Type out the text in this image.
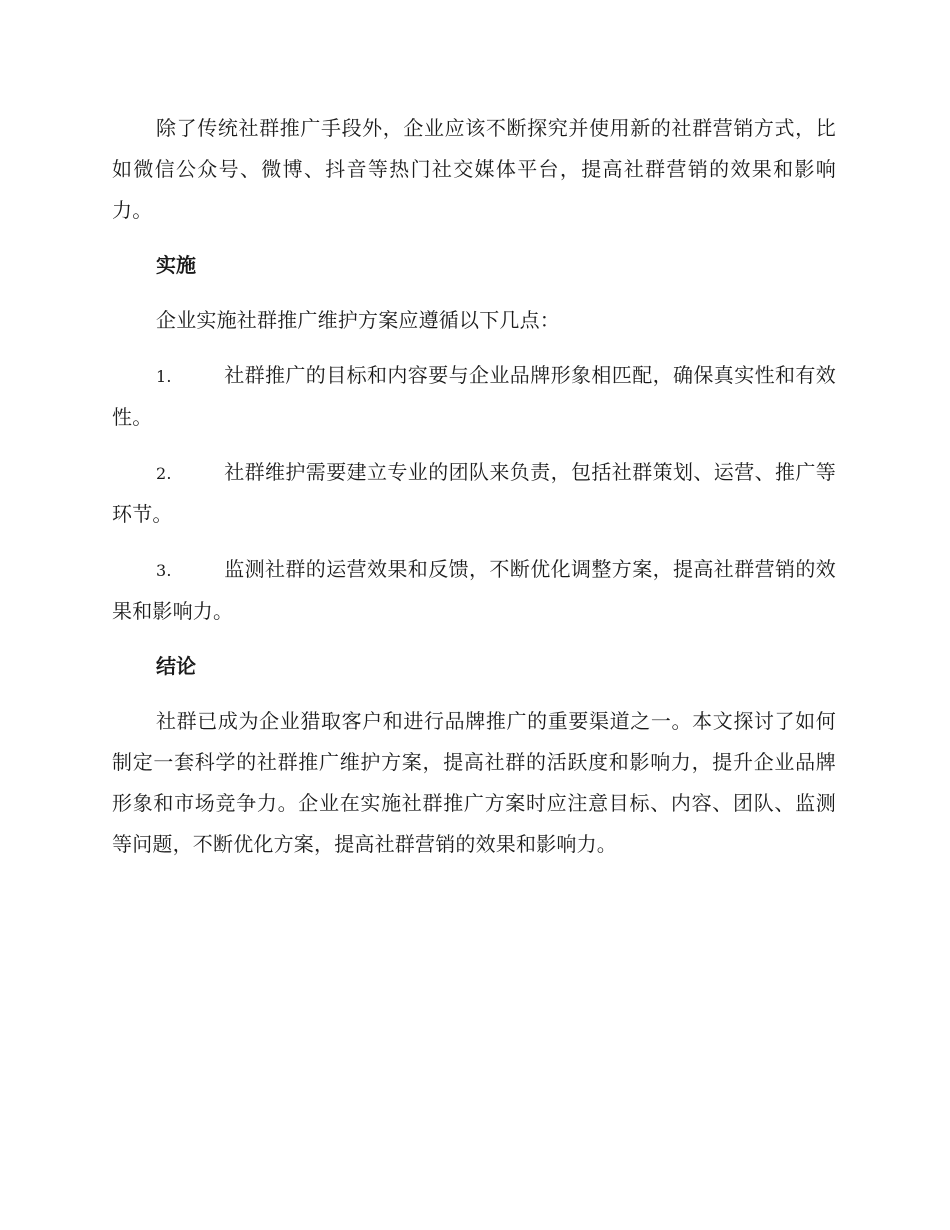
除了传统社群推广手段外，企业应该不断探究并使用新的社群营销方式，比如微信公众号、微博、抖音等热门社交媒体平台，提高社群营销的效果和影响力。

实施

企业实施社群推广维护方案应遵循以下几点：

1.	社群推广的目标和内容要与企业品牌形象相匹配，确保真实性和有效性。
2.	社群维护需要建立专业的团队来负责，包括社群策划、运营、推广等环节。
3.	监测社群的运营效果和反馈，不断优化调整方案，提高社群营销的效果和影响力。
结论

社群已成为企业猎取客户和进行品牌推广的重要渠道之一。本文探讨了如何制定一套科学的社群推广维护方案，提高社群的活跃度和影响力，提升企业品牌形象和市场竞争力。企业在实施社群推广方案时应注意目标、内容、团队、监测等问题，不断优化方案，提高社群营销的效果和影响力。
